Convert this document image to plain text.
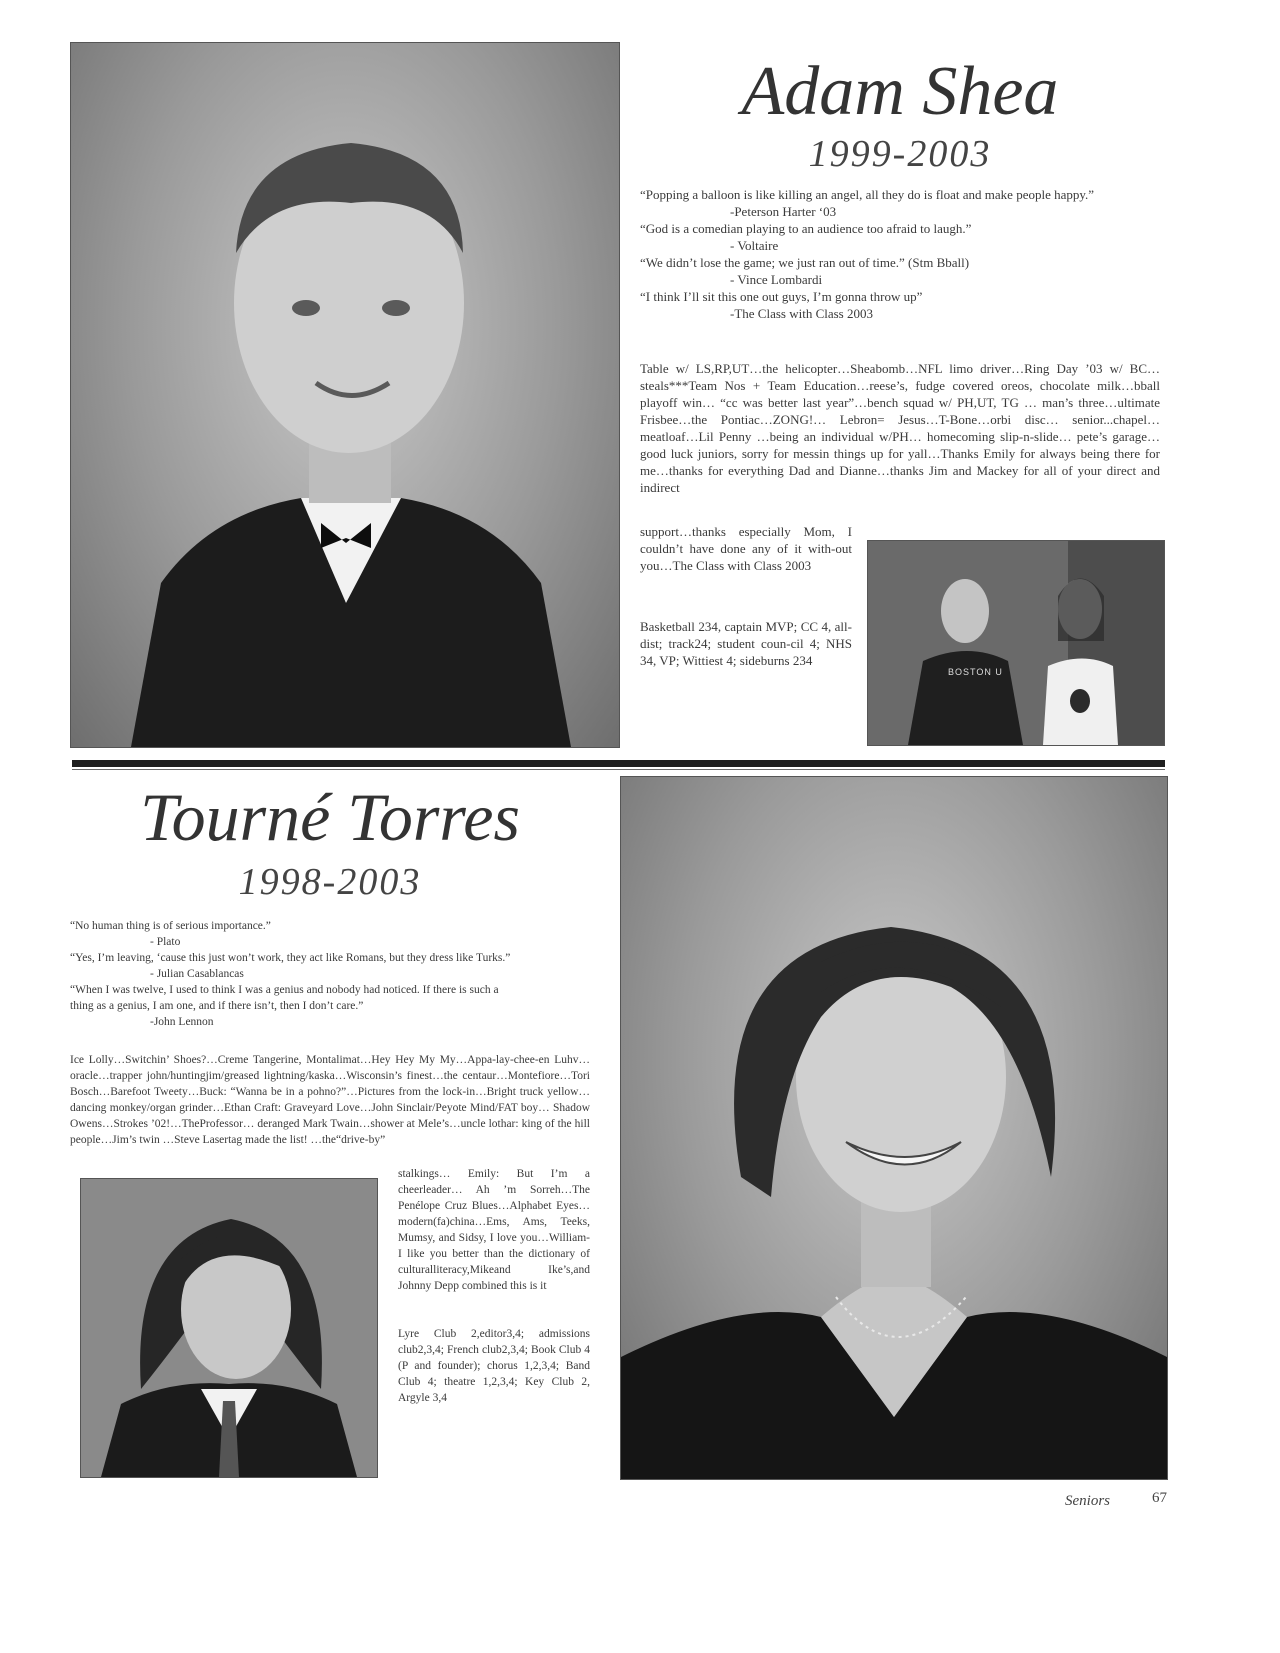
Adam Shea
1999-2003
“Popping a balloon is like killing an angel, all they do is float and make people happy.”
-Peterson Harter ‘03
“God is a comedian playing to an audience too afraid to laugh.”
- Voltaire
“We didn’t lose the game; we just ran out of time.” (Stm Bball)
- Vince Lombardi
“I think I’ll sit this one out guys, I’m gonna throw up”
-The Class with Class 2003
Table w/ LS,RP,UT…the helicopter…Sheabomb…NFL limo driver…Ring Day ’03 w/ BC…steals***Team Nos + Team Education…reese’s, fudge covered oreos, chocolate milk…bball playoff win… “cc was better last year”…bench squad w/ PH,UT, TG … man’s three…ultimate Frisbee…the Pontiac…ZONG!… Lebron= Jesus…T-Bone…orbi disc… senior...chapel…meatloaf…Lil Penny …being an individual w/PH… homecoming slip-n-slide… pete’s garage…good luck juniors, sorry for messin things up for yall…Thanks Emily for always being there for me…thanks for everything Dad and Dianne…thanks Jim and Mackey for all of your direct and indirect
support…thanks especially Mom, I couldn’t have done any of it with-out you…The Class with Class 2003
BOSTON U
Basketball 234, captain MVP; CC 4, all-dist; track24; student coun-cil 4; NHS 34, VP; Wittiest 4; sideburns 234
Tourné Torres
1998-2003
“No human thing is of serious importance.”
- Plato
“Yes, I’m leaving, ‘cause this just won’t work, they act like Romans, but they dress like Turks.”
- Julian Casablancas
“When I was twelve, I used to think I was a genius and nobody had noticed. If there is such a
thing as a genius, I am one, and if there isn’t, then I don’t care.”
-John Lennon
Ice Lolly…Switchin’ Shoes?…Creme Tangerine, Montalimat…Hey Hey My My…Appa-lay-chee-en Luhv…oracle…trapper john/huntingjim/greased lightning/kaska…Wisconsin’s finest…the centaur…Montefiore…Tori Bosch…Barefoot Tweety…Buck: “Wanna be in a pohno?”…Pictures from the lock-in…Bright truck yellow…dancing monkey/organ grinder…Ethan Craft: Graveyard Love…John Sinclair/Peyote Mind/FAT boy… Shadow Owens…Strokes ’02!…TheProfessor… deranged Mark Twain…shower at Mele’s…uncle lothar: king of the hill people…Jim’s twin …Steve Lasertag made the list! …the“drive-by”
stalkings… Emily: But I’m a cheerleader… Ah ’m Sorreh…The Penélope Cruz Blues…Alphabet Eyes…modern(fa)china…Ems, Ams, Teeks, Mumsy, and Sidsy, I love you…William- I like you better than the dictionary of culturalliteracy,Mikeand Ike’s,and Johnny Depp combined this is it
Lyre Club 2,editor3,4; admissions club2,3,4; French club2,3,4; Book Club 4 (P and founder); chorus 1,2,3,4; Band Club 4; theatre 1,2,3,4; Key Club 2, Argyle 3,4
Seniors	67
